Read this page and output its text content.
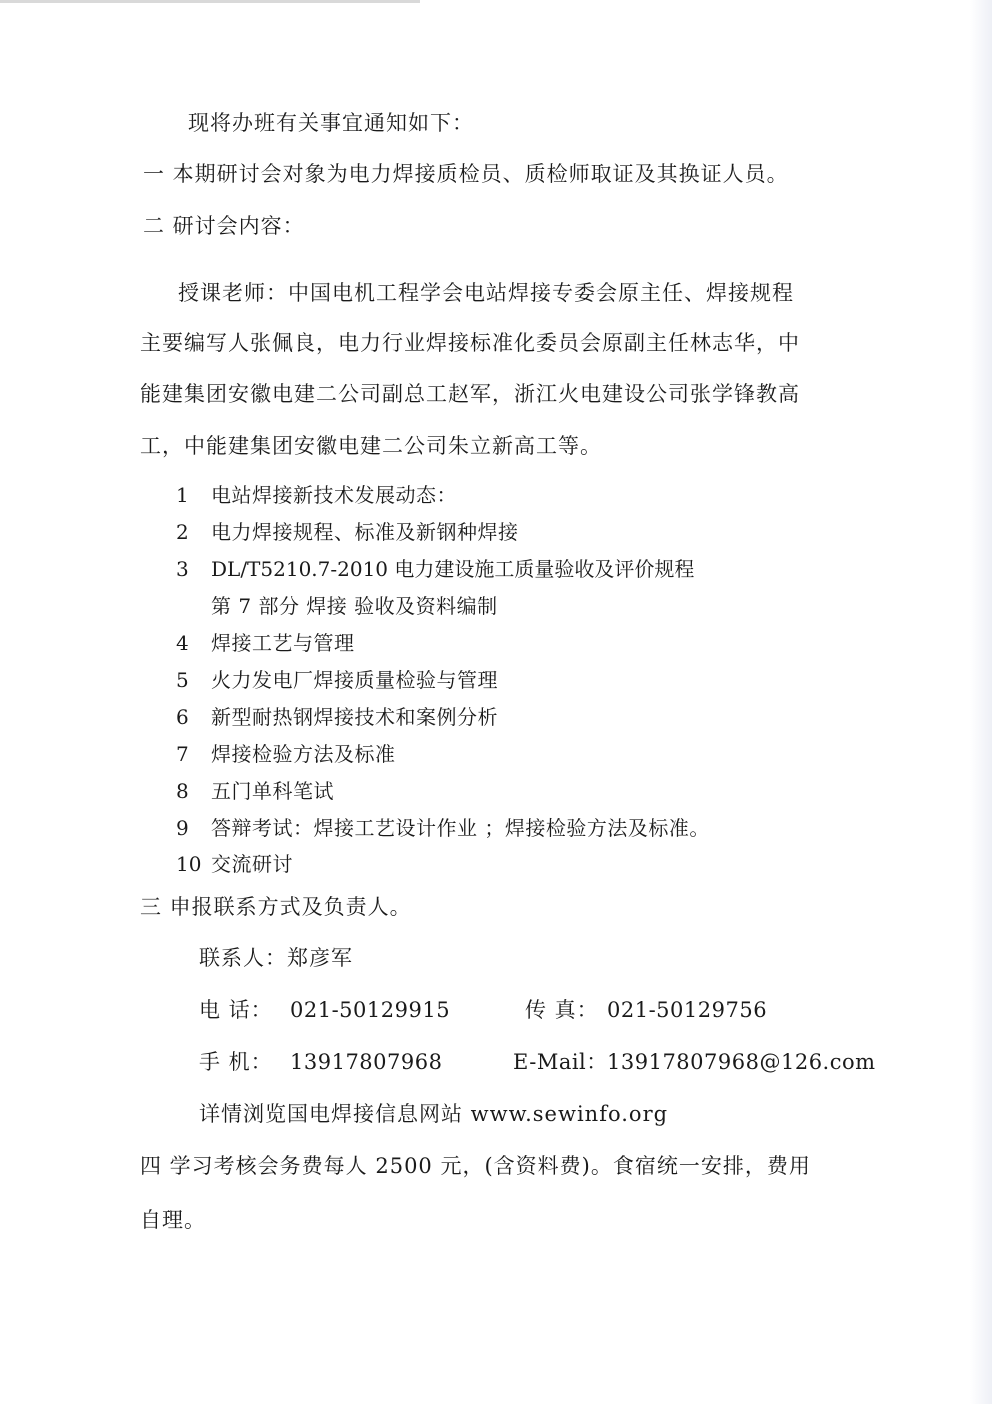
现将办班有关事宜通知如下：
一 本期研讨会对象为电力焊接质检员、质检师取证及其换证人员。
二 研讨会内容：
授课老师：中国电机工程学会电站焊接专委会原主任、焊接规程
主要编写人张佩良，电力行业焊接标准化委员会原副主任林志华，中
能建集团安徽电建二公司副总工赵军，浙江火电建设公司张学锋教高
工，中能建集团安徽电建二公司朱立新高工等。
1 电站焊接新技术发展动态：
2 电力焊接规程、标准及新钢种焊接
3 DL/T5210.7-2010 电力建设施工质量验收及评价规程
第 7 部分 焊接 验收及资料编制
4 焊接工艺与管理
5 火力发电厂焊接质量检验与管理
6 新型耐热钢焊接技术和案例分析
7 焊接检验方法及标准
8 五门单科笔试
9 答辩考试：焊接工艺设计作业 ；焊接检验方法及标准。
10 交流研讨
三 申报联系方式及负责人。
联系人：郑彦军
电 话： 021-50129915	传 真： 021-50129756
手 机： 13917807968	E-Mail： 13917807968@126.com
详情浏览国电焊接信息网站 www.sewinfo.org
四 学习考核会务费每人 2500 元，(含资料费)。食宿统一安排，费用
自理。
